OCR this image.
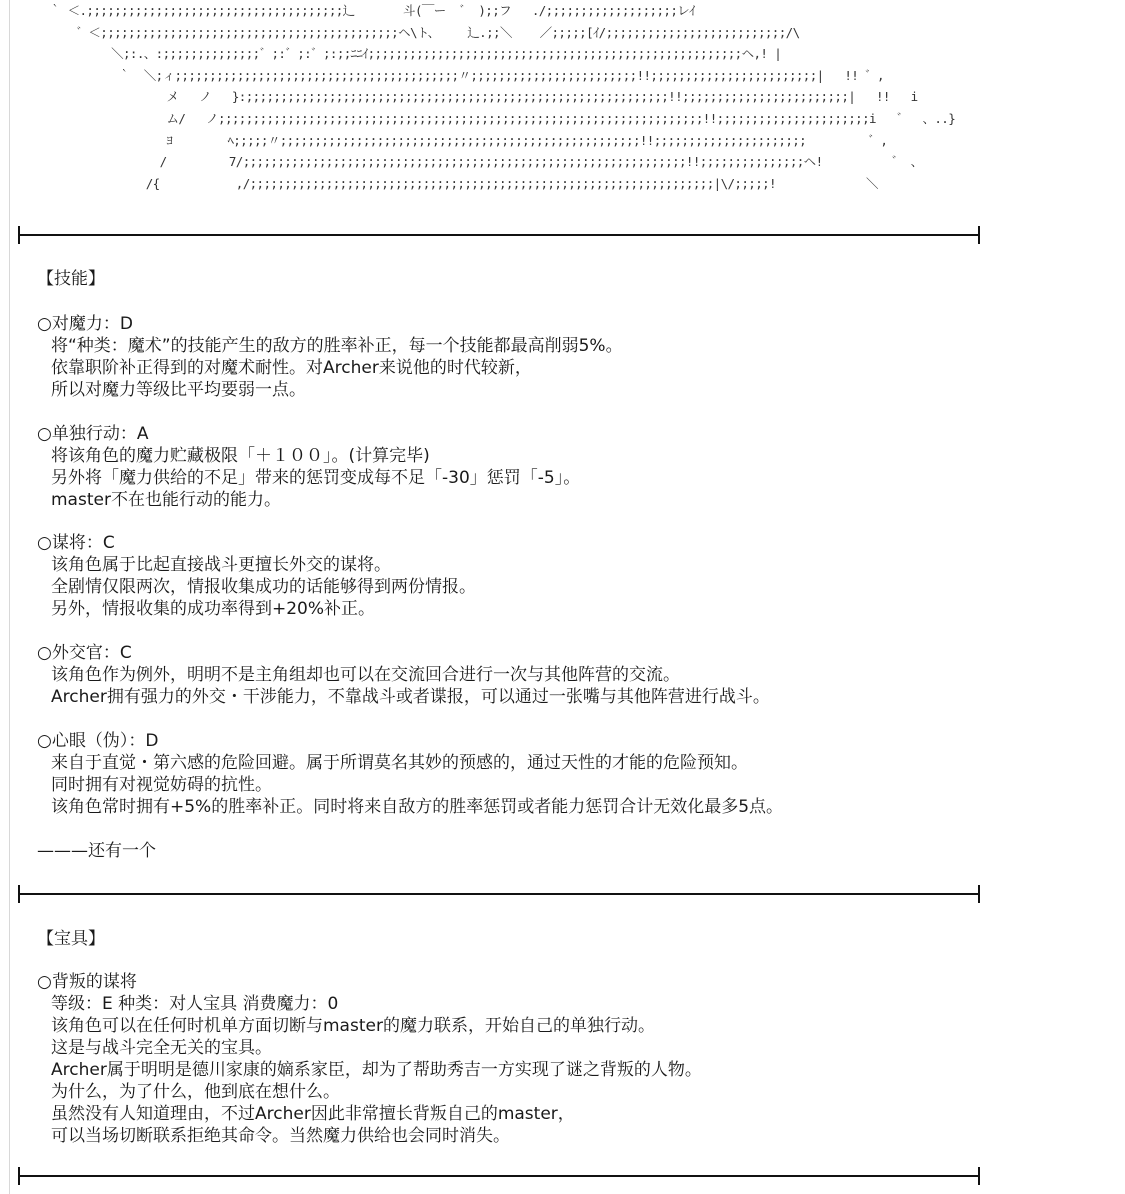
｀ ＜.;;;;;;;;;;;;;;;;;;;;;;;;;;;;;;;;;;;;;辶       斗(￣ー  ゛ );;フ   ./;;;;;;;;;;;;;;;;;;;レｲ
゛＜;;;;;;;;;;;;;;;;;;;;;;;;;;;;;;;;;;;;;;;;;;;ヘ\ト、    辶.;;＼    ／;;;;;[ｲ/;;;;;;;;;;;;;;;;;;;;;;;;;;/\
＼;:.、:;;;;;;;;;;;;;;゛;:゛;:゛;:;;ﾆﾆｲ;;;;;;;;;;;;;;;;;;;;;;;;;;;;;;;;;;;;;;;;;;;;;;;;;;;;;;ヘ,! |
｀  ＼;ィ;;;;;;;;;;;;;;;;;;;;;;;;;;;;;;;;;;;;;;;;;〃;;;;;;;;;;;;;;;;;;;;;;;;!!;;;;;;;;;;;;;;;;;;;;;;;;|   !! ゛,
メ   ノ   }:;;;;;;;;;;;;;;;;;;;;;;;;;;;;;;;;;;;;;;;;;;;;;;;;;;;;;;;;;;;;;!!;;;;;;;;;;;;;;;;;;;;;;;;|   !!   i
ム/   ノ;;;;;;;;;;;;;;;;;;;;;;;;;;;;;;;;;;;;;;;;;;;;;;;;;;;;;;;;;;;;;;;;;;;;;;!!;;;;;;;;;;;;;;;;;;;;;;i   ゛  、..}
ﾖ        ﾍ;;;;;〃;;;;;;;;;;;;;;;;;;;;;;;;;;;;;;;;;;;;;;;;;;;;;;;;;;;;!!;;;;;;;;;;;;;;;;;;;;;;         ゛,
/         7/;;;;;;;;;;;;;;;;;;;;;;;;;;;;;;;;;;;;;;;;;;;;;;;;;;;;;;;;;;;;;;;;!!;;;;;;;;;;;;;;;ヘ!          ゛ 、
/{           ,/;;;;;;;;;;;;;;;;;;;;;;;;;;;;;;;;;;;;;;;;;;;;;;;;;;;;;;;;;;;;;;;;;;;|\/;;;;;!             ＼
【技能】
○对魔力：D
将“种类：魔术”的技能产生的敌方的胜率补正，每一个技能都最高削弱5%。
依靠职阶补正得到的对魔术耐性。对Archer来说他的时代较新，
所以对魔力等级比平均要弱一点。
○单独行动：A
将该角色的魔力贮藏极限「＋１００」。(计算完毕)
另外将「魔力供给的不足」带来的惩罚变成每不足「-30」惩罚「-5」。
master不在也能行动的能力。
○谋将：C
该角色属于比起直接战斗更擅长外交的谋将。
全剧情仅限两次，情报收集成功的话能够得到两份情报。
另外，情报收集的成功率得到+20%补正。
○外交官：C
该角色作为例外，明明不是主角组却也可以在交流回合进行一次与其他阵营的交流。
Archer拥有强力的外交・干涉能力，不靠战斗或者谍报，可以通过一张嘴与其他阵营进行战斗。
○心眼（伪）：D
来自于直觉・第六感的危险回避。属于所谓莫名其妙的预感的，通过天性的才能的危险预知。
同时拥有对视觉妨碍的抗性。
该角色常时拥有+5%的胜率补正。同时将来自敌方的胜率惩罚或者能力惩罚合计无效化最多5点。
———还有一个
【宝具】
○背叛的谋将
等级：E 种类：对人宝具 消费魔力：0
该角色可以在任何时机单方面切断与master的魔力联系，开始自己的单独行动。
这是与战斗完全无关的宝具。
Archer属于明明是德川家康的嫡系家臣，却为了帮助秀吉一方实现了谜之背叛的人物。
为什么，为了什么，他到底在想什么。
虽然没有人知道理由，不过Archer因此非常擅长背叛自己的master，
可以当场切断联系拒绝其命令。当然魔力供给也会同时消失。
